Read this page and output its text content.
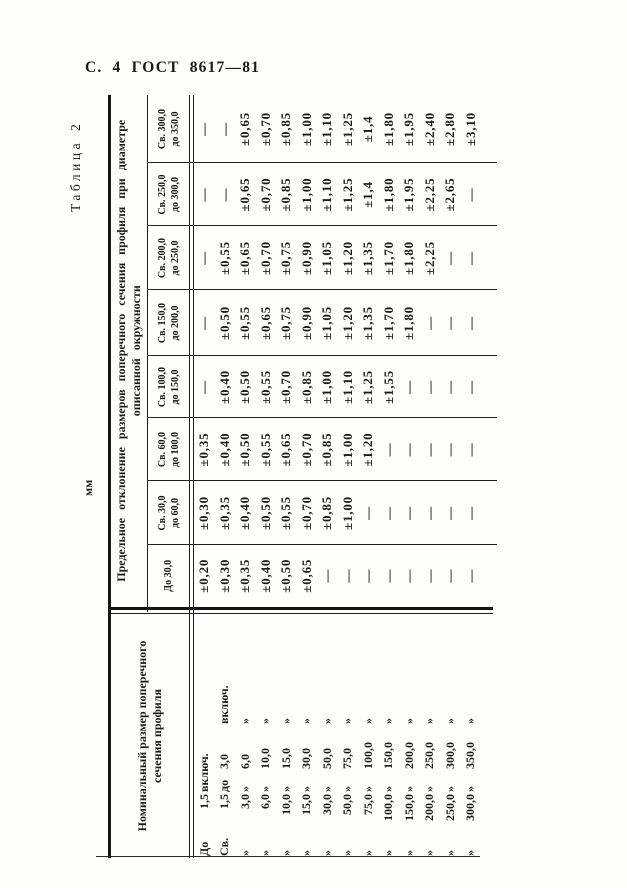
С. 4 ГОСТ 8617—81
Таблица 2
мм
Номинальный размер поперечного сечения профиля
Предельное отклонение размеров поперечного сечения профиля при диаметре описанной окружности
До 30,0
Св. 30,0 до 60,0
Св. 60,0 до 100,0
Св. 100,0 до 150,0
Св. 150,0 до 200,0
Св. 200,0 до 250,0
Св. 250,0 до 300,0
Св. 300,0 до 350,0
До
1,5
включ.
±0,20
±0,30
±0,35
—
—
—
—
—
Св.
1,5
до
3,0
включ.
±0,30
±0,35
±0,40
±0,40
±0,50
±0,55
—
—
»
3,0
»
6,0
»
±0,35
±0,40
±0,50
±0,50
±0,55
±0,65
±0,65
±0,65
»
6,0
»
10,0
»
±0,40
±0,50
±0,55
±0,55
±0,65
±0,70
±0,70
±0,70
»
10,0
»
15,0
»
±0,50
±0,55
±0,65
±0,70
±0,75
±0,75
±0,85
±0,85
»
15,0
»
30,0
»
±0,65
±0,70
±0,70
±0,85
±0,90
±0,90
±1,00
±1,00
»
30,0
»
50,0
»
—
±0,85
±0,85
±1,00
±1,05
±1,05
±1,10
±1,10
»
50,0
»
75,0
»
—
±1,00
±1,00
±1,10
±1,20
±1,20
±1,25
±1,25
»
75,0
»
100,0
»
—
—
±1,20
±1,25
±1,35
±1,35
±1,4
±1,4
»
100,0
»
150,0
»
—
—
—
±1,55
±1,70
±1,70
±1,80
±1,80
»
150,0
»
200,0
»
—
—
—
—
±1,80
±1,80
±1,95
±1,95
»
200,0
»
250,0
»
—
—
—
—
—
±2,25
±2,25
±2,40
»
250,0
»
300,0
»
—
—
—
—
—
—
±2,65
±2,80
»
300,0
»
350,0
»
—
—
—
—
—
—
—
±3,10
